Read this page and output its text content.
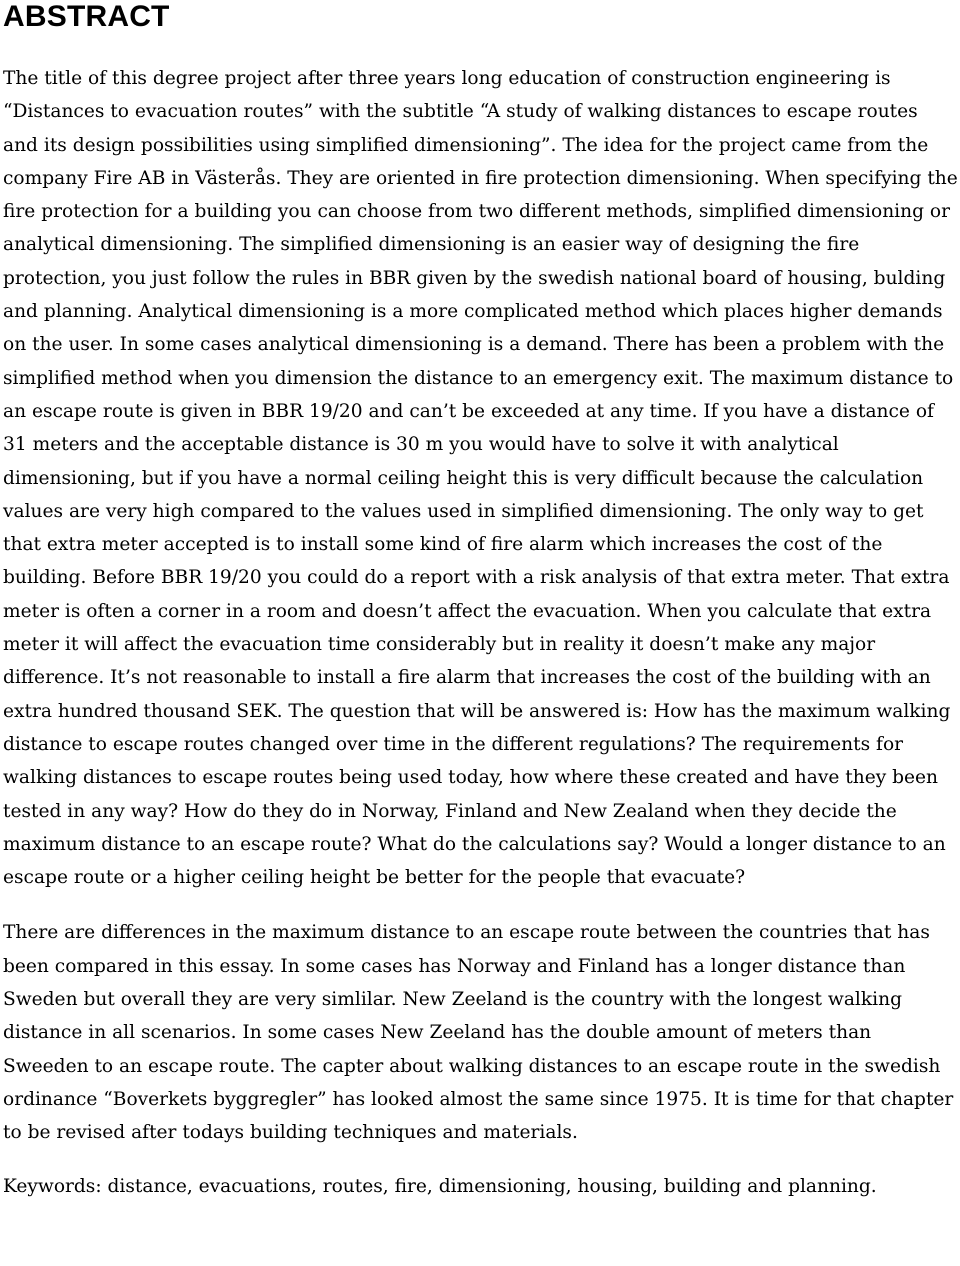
ABSTRACT

The title of this degree project after three years long education of construction engineering is “Distances to evacuation routes” with the subtitle “A study of walking distances to escape routes and its design possibilities using simplified dimensioning”. The idea for the project came from the company Fire AB in Västerås. They are oriented in fire protection dimensioning. When specifying the fire protection for a building you can choose from two different methods, simplified dimensioning or analytical dimensioning. The simplified dimensioning is an easier way of designing the fire protection, you just follow the rules in BBR given by the swedish national board of housing, bulding and planning. Analytical dimensioning is a more complicated method which places higher demands on the user. In some cases analytical dimensioning is a demand. There has been a problem with the simplified method when you dimension the distance to an emergency exit. The maximum distance to an escape route is given in BBR 19/20 and can’t be exceeded at any time. If you have a distance of 31 meters and the acceptable distance is 30 m you would have to solve it with analytical dimensioning, but if you have a normal ceiling height this is very difficult because the calculation values are very high compared to the values used in simplified dimensioning. The only way to get that extra meter accepted is to install some kind of fire alarm which increases the cost of the building. Before BBR 19/20 you could do a report with a risk analysis of that extra meter. That extra meter is often a corner in a room and doesn’t affect the evacuation. When you calculate that extra meter it will affect the evacuation time considerably but in reality it doesn’t make any major difference. It’s not reasonable to install a fire alarm that increases the cost of the building with an extra hundred thousand SEK. The question that will be answered is: How has the maximum walking distance to escape routes changed over time in the different regulations? The requirements for walking distances to escape routes being used today, how where these created and have they been tested in any way? How do they do in Norway, Finland and New Zealand when they decide the maximum distance to an escape route? What do the calculations say? Would a longer distance to an escape route or a higher ceiling height be better for the people that evacuate?

There are differences in the maximum distance to an escape route between the countries that has been compared in this essay. In some cases has Norway and Finland has a longer distance than Sweden but overall they are very simlilar. New Zeeland is the country with the longest walking distance in all scenarios. In some cases New Zeeland has the double amount of meters than Sweeden to an escape route. The capter about walking distances to an escape route in the swedish ordinance “Boverkets byggregler” has looked almost the same since 1975. It is time for that chapter to be revised after todays building techniques and materials.

Keywords: distance, evacuations, routes, fire, dimensioning, housing, building and planning.
